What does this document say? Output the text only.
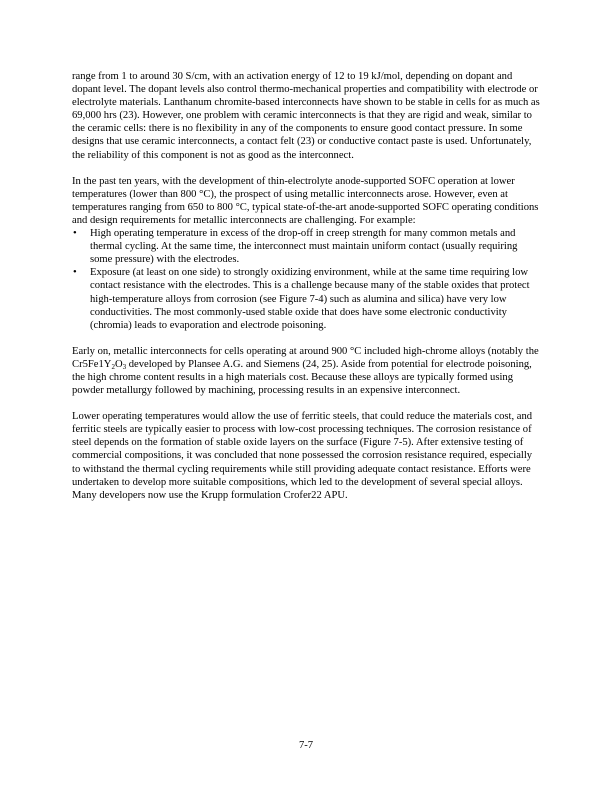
range from 1 to around 30 S/cm, with an activation energy of 12 to 19 kJ/mol, depending on dopant and dopant level. The dopant levels also control thermo-mechanical properties and compatibility with electrode or electrolyte materials. Lanthanum chromite-based interconnects have shown to be stable in cells for as much as 69,000 hrs (23). However, one problem with ceramic interconnects is that they are rigid and weak, similar to the ceramic cells: there is no flexibility in any of the components to ensure good contact pressure. In some designs that use ceramic interconnects, a contact felt (23) or conductive contact paste is used. Unfortunately, the reliability of this component is not as good as the interconnect.

In the past ten years, with the development of thin-electrolyte anode-supported SOFC operation at lower temperatures (lower than 800 °C), the prospect of using metallic interconnects arose. However, even at temperatures ranging from 650 to 800 °C, typical state-of-the-art anode-supported SOFC operating conditions and design requirements for metallic interconnects are challenging. For example:

• High operating temperature in excess of the drop-off in creep strength for many common metals and thermal cycling. At the same time, the interconnect must maintain uniform contact (usually requiring some pressure) with the electrodes.
• Exposure (at least on one side) to strongly oxidizing environment, while at the same time requiring low contact resistance with the electrodes. This is a challenge because many of the stable oxides that protect high-temperature alloys from corrosion (see Figure 7-4) such as alumina and silica) have very low conductivities. The most commonly-used stable oxide that does have some electronic conductivity (chromia) leads to evaporation and electrode poisoning.

Early on, metallic interconnects for cells operating at around 900 °C included high-chrome alloys (notably the $Cr5Fe1Y_2O_3$ developed by Plansee A.G. and Siemens (24, 25). Aside from potential for electrode poisoning, the high chrome content results in a high materials cost. Because these alloys are typically formed using powder metallurgy followed by machining, processing results in an expensive interconnect.

Lower operating temperatures would allow the use of ferritic steels, that could reduce the materials cost, and ferritic steels are typically easier to process with low-cost processing techniques. The corrosion resistance of steel depends on the formation of stable oxide layers on the surface (Figure 7-5). After extensive testing of commercial compositions, it was concluded that none possessed the corrosion resistance required, especially to withstand the thermal cycling requirements while still providing adequate contact resistance. Efforts were undertaken to develop more suitable compositions, which led to the development of several special alloys. Many developers now use the Krupp formulation Crofer22 APU.

7-7
